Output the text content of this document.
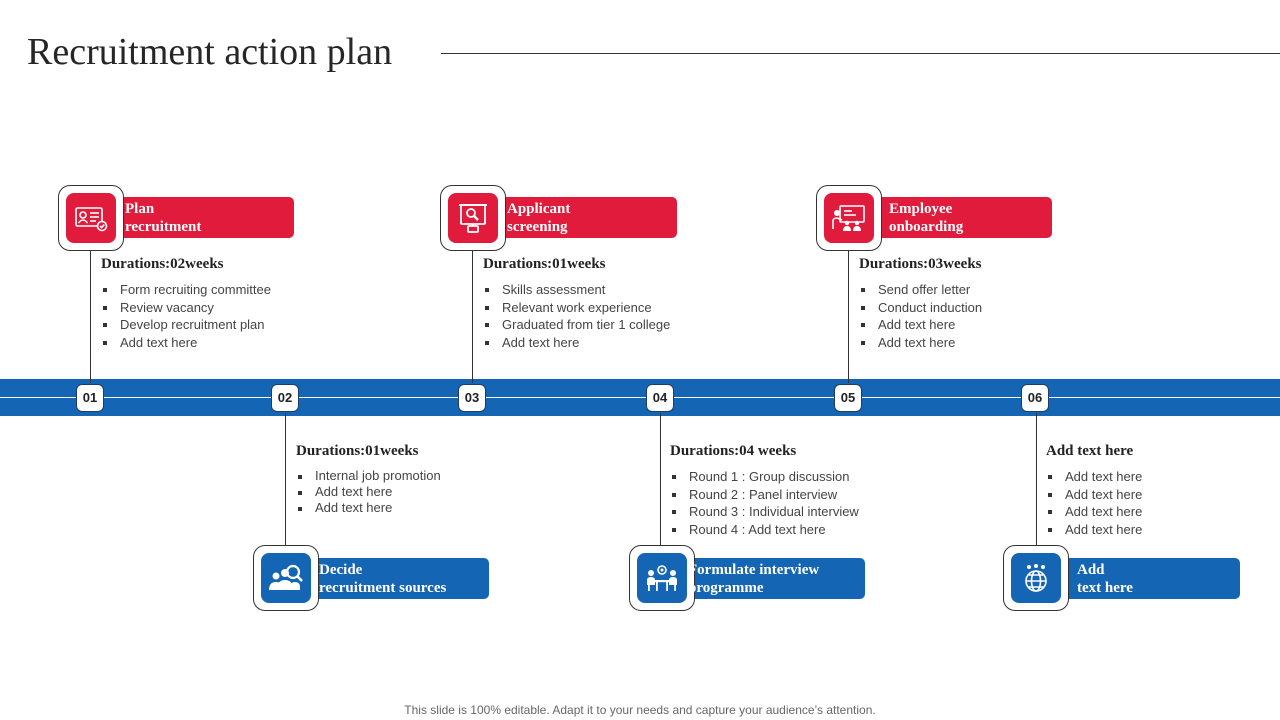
Recruitment action plan
01	02	03	04	05	06
Plan
recruitment
Durations:02weeks
Form recruiting committee
Review vacancy
Develop recruitment plan
Add text here
Decide
recruitment sources
Durations:01weeks
Internal job promotion
Add text here
Add text here
Applicant
screening
Durations:01weeks
Skills assessment
Relevant work experience
Graduated from tier 1 college
Add text here
Formulate interview
programme
Durations:04 weeks
Round 1 : Group discussion
Round 2 : Panel interview
Round 3 : Individual interview
Round 4 : Add text here
Employee
onboarding
Durations:03weeks
Send offer letter
Conduct induction
Add text here
Add text here
Add
text here
Add text here
Add text here
Add text here
Add text here
Add text here
This slide is 100% editable. Adapt it to your needs and capture your audience’s attention.
